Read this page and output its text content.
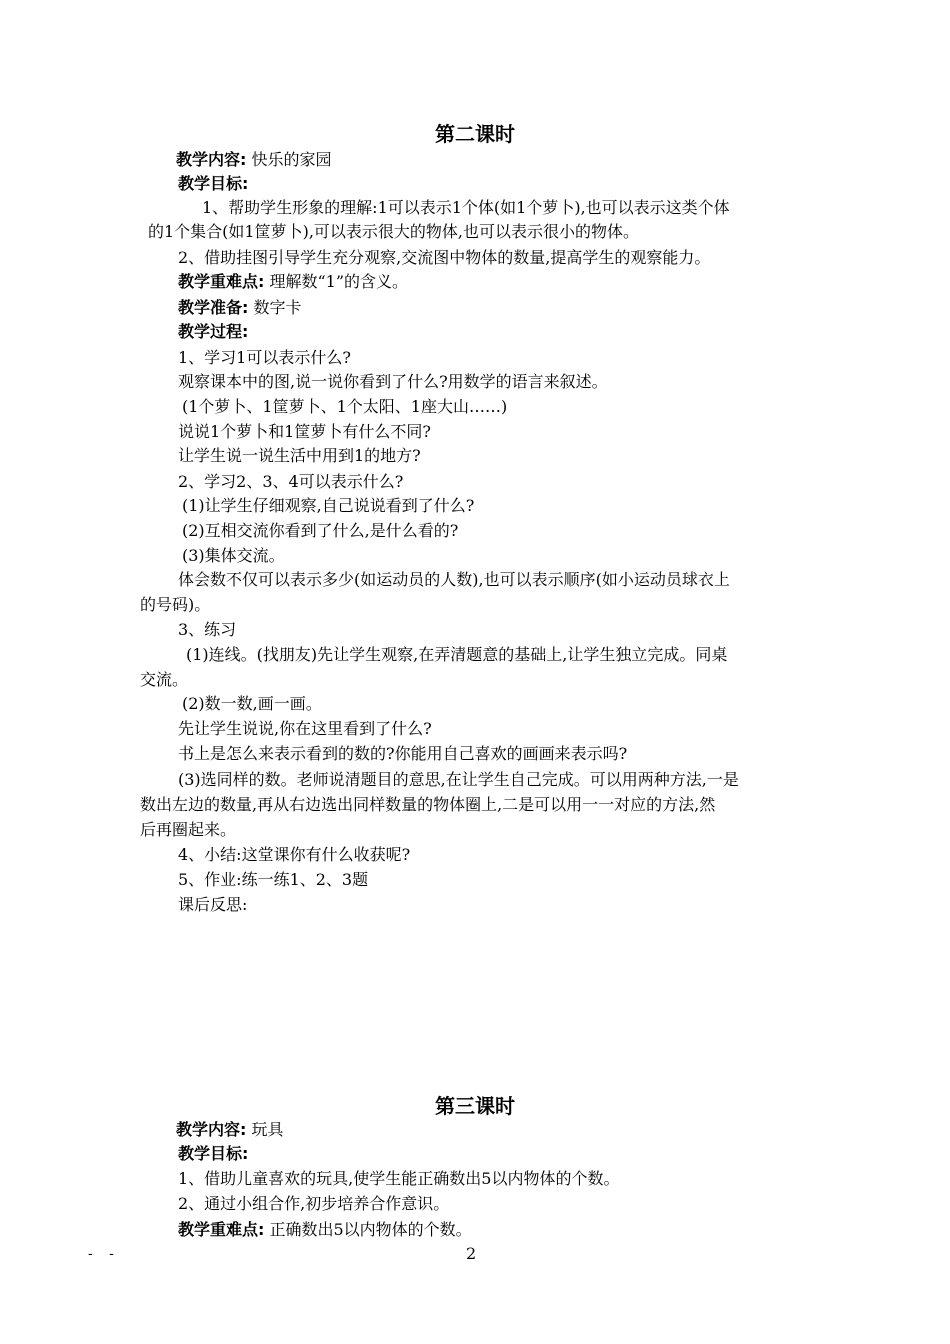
第二课时
教学内容: 快乐的家园
教学目标:
1、帮助学生形象的理解:1可以表示1个体(如1个萝卜),也可以表示这类个体
的1个集合(如1筐萝卜),可以表示很大的物体,也可以表示很小的物体。
2、借助挂图引导学生充分观察,交流图中物体的数量,提高学生的观察能力。
教学重难点: 理解数“1”的含义。
教学准备: 数字卡
教学过程:
1、学习1可以表示什么?
观察课本中的图,说一说你看到了什么?用数学的语言来叙述。
(1个萝卜、1筐萝卜、1个太阳、1座大山……)
说说1个萝卜和1筐萝卜有什么不同?
让学生说一说生活中用到1的地方?
2、学习2、3、4可以表示什么?
(1)让学生仔细观察,自己说说看到了什么?
(2)互相交流你看到了什么,是什么看的?
(3)集体交流。
体会数不仅可以表示多少(如运动员的人数),也可以表示顺序(如小运动员球衣上
的号码)。
3、练习
(1)连线。(找朋友)先让学生观察,在弄清题意的基础上,让学生独立完成。同桌
交流。
(2)数一数,画一画。
先让学生说说,你在这里看到了什么?
书上是怎么来表示看到的数的?你能用自己喜欢的画画来表示吗?
(3)选同样的数。老师说清题目的意思,在让学生自己完成。可以用两种方法,一是
数出左边的数量,再从右边选出同样数量的物体圈上,二是可以用一一对应的方法,然
后再圈起来。
4、小结:这堂课你有什么收获呢?
5、作业:练一练1、2、3题
课后反思:
第三课时
教学内容: 玩具
教学目标:
1、借助儿童喜欢的玩具,使学生能正确数出5以内物体的个数。
2、通过小组合作,初步培养合作意识。
教学重难点: 正确数出5以内物体的个数。
- -	2
